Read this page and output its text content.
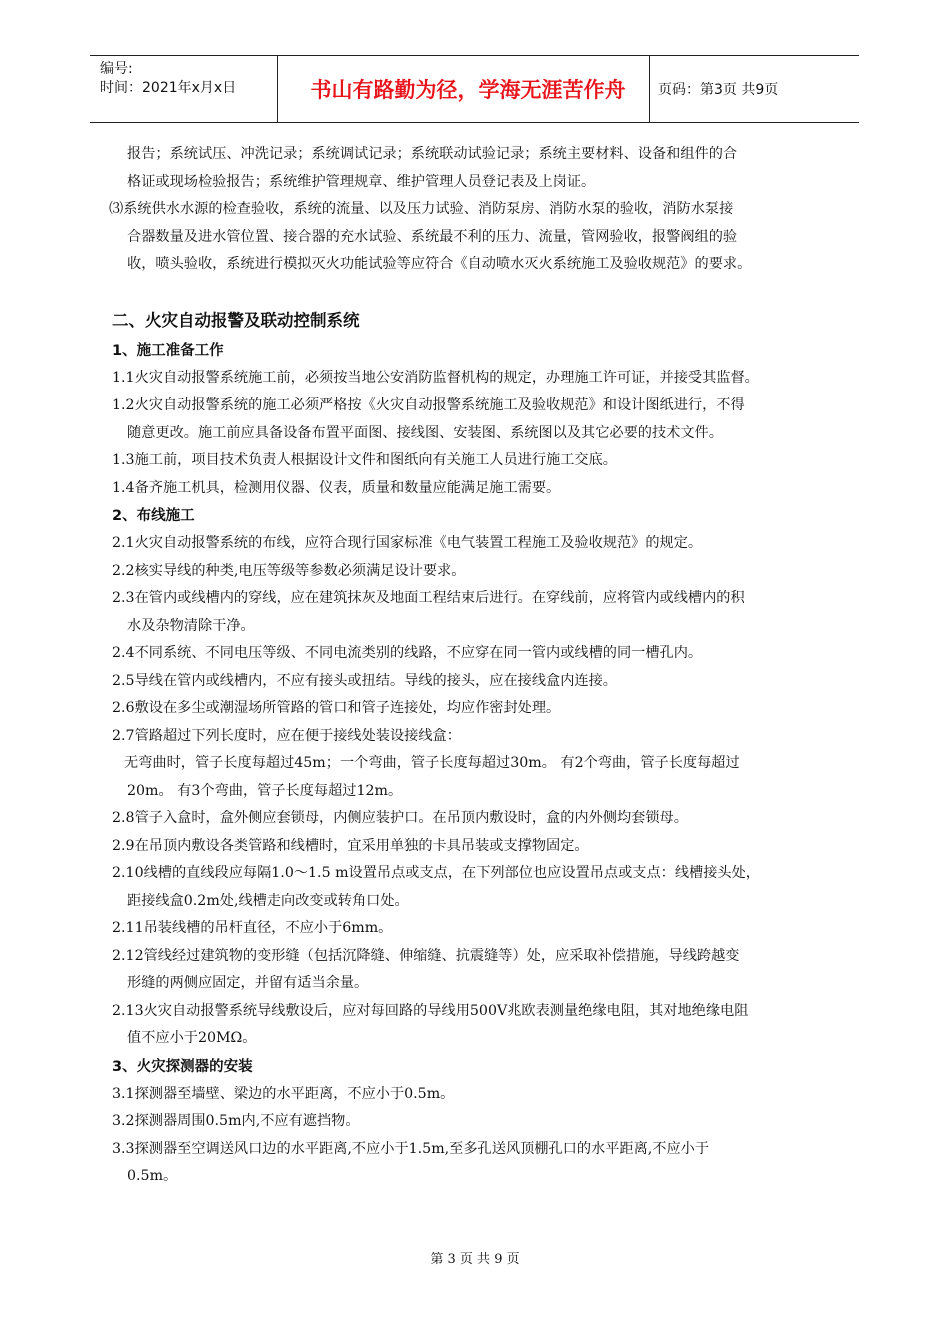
编号:
时间：2021年x月x日	书山有路勤为径，学海无涯苦作舟	页码：第3页 共9页
报告；系统试压、冲洗记录；系统调试记录；系统联动试验记录；系统主要材料、设备和组件的合
格证或现场检验报告；系统维护管理规章、维护管理人员登记表及上岗证。
⑶系统供水水源的检查验收，系统的流量、以及压力试验、消防泵房、消防水泵的验收，消防水泵接
合器数量及进水管位置、接合器的充水试验、系统最不利的压力、流量，管网验收，报警阀组的验
收，喷头验收，系统进行模拟灭火功能试验等应符合《自动喷水灭火系统施工及验收规范》的要求。
二、火灾自动报警及联动控制系统
1、施工准备工作
1.1火灾自动报警系统施工前，必须按当地公安消防监督机构的规定，办理施工许可证，并接受其监督。
1.2火灾自动报警系统的施工必须严格按《火灾自动报警系统施工及验收规范》和设计图纸进行，不得
随意更改。施工前应具备设备布置平面图、接线图、安装图、系统图以及其它必要的技术文件。
1.3施工前，项目技术负责人根据设计文件和图纸向有关施工人员进行施工交底。
1.4备齐施工机具，检测用仪器、仪表，质量和数量应能满足施工需要。
2、布线施工
2.1火灾自动报警系统的布线，应符合现行国家标准《电气装置工程施工及验收规范》的规定。
2.2核实导线的种类,电压等级等参数必须满足设计要求。
2.3在管内或线槽内的穿线，应在建筑抹灰及地面工程结束后进行。在穿线前，应将管内或线槽内的积
水及杂物清除干净。
2.4不同系统、不同电压等级、不同电流类别的线路，不应穿在同一管内或线槽的同一槽孔内。
2.5导线在管内或线槽内，不应有接头或扭结。导线的接头，应在接线盒内连接。
2.6敷设在多尘或潮湿场所管路的管口和管子连接处，均应作密封处理。
2.7管路超过下列长度时，应在便于接线处装设接线盒：
无弯曲时，管子长度每超过45m；一个弯曲，管子长度每超过30m。 有2个弯曲，管子长度每超过
20m。 有3个弯曲，管子长度每超过12m。
2.8管子入盒时，盒外侧应套锁母，内侧应装护口。在吊顶内敷设时，盒的内外侧均套锁母。
2.9在吊顶内敷设各类管路和线槽时，宜采用单独的卡具吊装或支撑物固定。
2.10线槽的直线段应每隔1.0～1.5 m设置吊点或支点，在下列部位也应设置吊点或支点：线槽接头处，
距接线盒0.2m处,线槽走向改变或转角口处。
2.11吊装线槽的吊杆直径，不应小于6mm。
2.12管线经过建筑物的变形缝（包括沉降缝、伸缩缝、抗震缝等）处，应采取补偿措施，导线跨越变
形缝的两侧应固定，并留有适当余量。
2.13火灾自动报警系统导线敷设后，应对每回路的导线用500V兆欧表测量绝缘电阻，其对地绝缘电阻
值不应小于20MΩ。
3、火灾探测器的安装
3.1探测器至墙壁、梁边的水平距离，不应小于0.5m。
3.2探测器周围0.5m内,不应有遮挡物。
3.3探测器至空调送风口边的水平距离,不应小于1.5m,至多孔送风顶棚孔口的水平距离,不应小于
0.5m。
第 3 页 共 9 页
